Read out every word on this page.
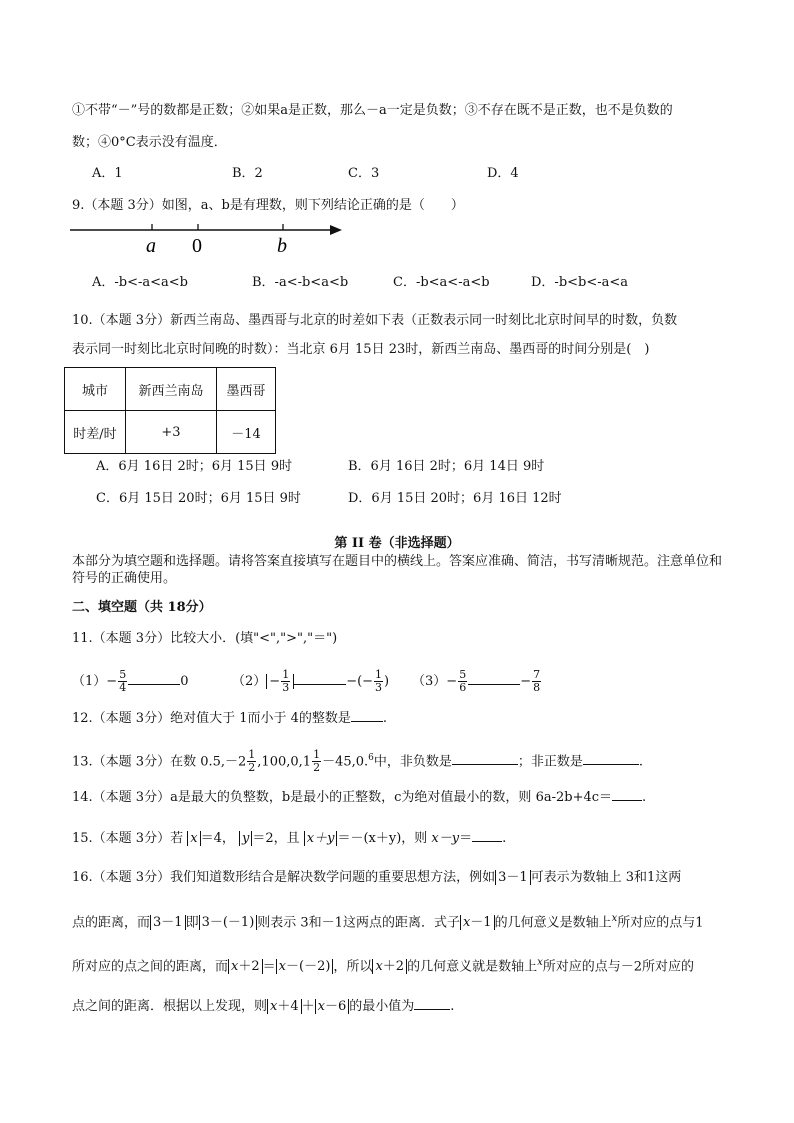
①不带“－”号的数都是正数；②如果a是正数，那么－a一定是负数；③不存在既不是正数，也不是负数的
数；④0°C表示没有温度．
A．1	B．2	C．3	D．4
9.（本题 3分）如图，a、b是有理数，则下列结论正确的是（　　）
a 0	b
A．-b<-a<a<b	B．-a<-b<a<b	C．-b<a<-a<b	D．-b<b<-a<a
10.（本题 3分）新西兰南岛、墨西哥与北京的时差如下表（正数表示同一时刻比北京时间早的时数，负数
表示同一时刻比北京时间晚的时数）：当北京 6月 15日 23时，新西兰南岛、墨西哥的时间分别是(　)
城市	新西兰南岛	墨西哥
时差/时	+3	－14
A．6月 16日 2时；6月 15日 9时	B．6月 16日 2时；6月 14日 9时
C．6月 15日 20时；6月 15日 9时	D．6月 15日 20时；6月 16日 12时
第 II 卷（非选择题）
本部分为填空题和选择题。请将答案直接填写在题目中的横线上。答案应准确、简洁，书写清晰规范。注意单位和符号的正确使用。
二、填空题（共 18分）
11.（本题 3分）比较大小．(填"<",">","＝")
$(1)- \frac{5}{4}$	0	$(2) - \frac{1}{3}$	−(− $\frac{1}{3}$ ) $(3)- \frac{5}{6}$	− $\frac{7}{8}$
12.（本题 3分）绝对值大于 1而小于 4的整数是 .
13.（本题 3分）在数 $0.5,-2 \frac{1}{2} ,100,0,1 \frac{1}{2} -45,0.^6$中，非负数是	；非正数是	.
14.（本题 3分）a是最大的负整数，b是最小的正整数，c为绝对值最小的数，则 6a-2b+4c＝ .
15.（本题 3分）若 x ＝4， y ＝2，且 x＋y ＝－(x＋y)，则 x－y＝ .
16.（本题 3分）我们知道数形结合是解决数学问题的重要思想方法，例如 3－1 可表示为数轴上 3和1这两
点的距离，而 3－1 即 3－(－1) 则表示 3和－1这两点的距离．式子 x－1 的几何意义是数轴上$^x$所对应的点与1
所对应的点之间的距离，而 x＋2 ＝ x－(－2) ，所以 x＋2 的几何意义就是数轴上$^x$所对应的点与－2所对应的
点之间的距离．根据以上发现，则 x＋4 ＋ x－6 的最小值为	.
